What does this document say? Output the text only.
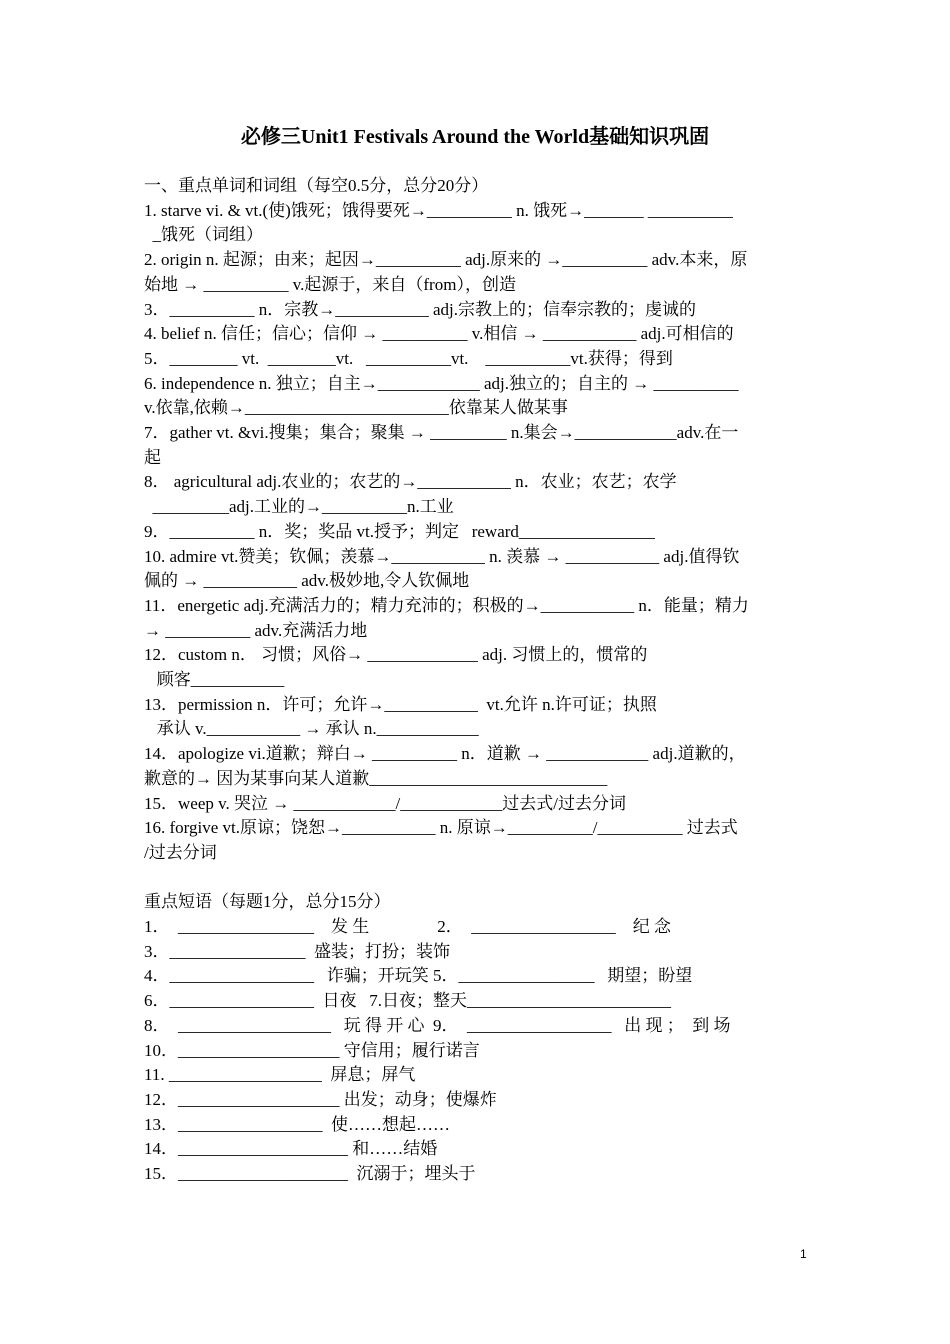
必修三Unit1 Festivals Around the World基础知识巩固

一、重点单词和词组（每空0.5分，总分20分）

1. starve vi. & vt.(使)饿死；饿得要死→__________ n. 饿死→_______ __________

_饿死（词组）

2. origin n. 起源；由来；起因→__________ adj.原来的 →__________ adv.本来，原

始地 → __________ v.起源于，来自（from），创造

3．__________ n．宗教→___________ adj.宗教上的；信奉宗教的；虔诚的

4. belief n. 信任；信心；信仰 → __________ v.相信 → ___________ adj.可相信的

5．________ vt.  ________vt.   __________vt.    __________vt.获得；得到

6. independence n. 独立；自主→____________ adj.独立的；自主的 → __________

v.依靠,依赖→________________________依靠某人做某事

7．gather vt. &vi.搜集；集合；聚集 → _________ n.集会→____________adv.在一

起

8． agricultural adj.农业的；农艺的→___________ n．农业；农艺；农学

_________adj.工业的→__________n.工业

9．__________ n．奖；奖品 vt.授予；判定   reward________________

10. admire vt.赞美；钦佩；羡慕→___________ n. 羡慕 → ___________ adj.值得钦

佩的 → ___________ adv.极妙地,令人钦佩地

11．energetic adj.充满活力的；精力充沛的；积极的→___________ n．能量；精力

→ __________ adv.充满活力地

12．custom n． 习惯；风俗→ _____________ adj. 习惯上的，惯常的

顾客___________

13．permission n．许可；允许→___________  vt.允许 n.许可证；执照

承认 v.___________ → 承认 n.____________

14．apologize vi.道歉；辩白→ __________ n．道歉 → ____________ adj.道歉的，

歉意的→ 因为某事向某人道歉____________________________

15．weep v. 哭泣 → ____________/____________过去式/过去分词

16. forgive vt.原谅；饶恕→___________ n. 原谅→__________/__________ 过去式

/过去分词

重点短语（每题1分，总分15分）

1．  ________________    发 生                2．  _________________    纪 念

3．________________  盛装；打扮；装饰

4．_________________   诈骗；开玩笑 5．________________   期望；盼望

6．_________________  日夜   7.日夜；整天________________________

8．  __________________   玩 得 开 心  9．  _________________   出 现 ；  到 场

10．___________________ 守信用；履行诺言

11. __________________  屏息；屏气

12．___________________ 出发；动身；使爆炸

13．_________________  使……想起……

14．____________________ 和……结婚

15．____________________  沉溺于；埋头于

1
